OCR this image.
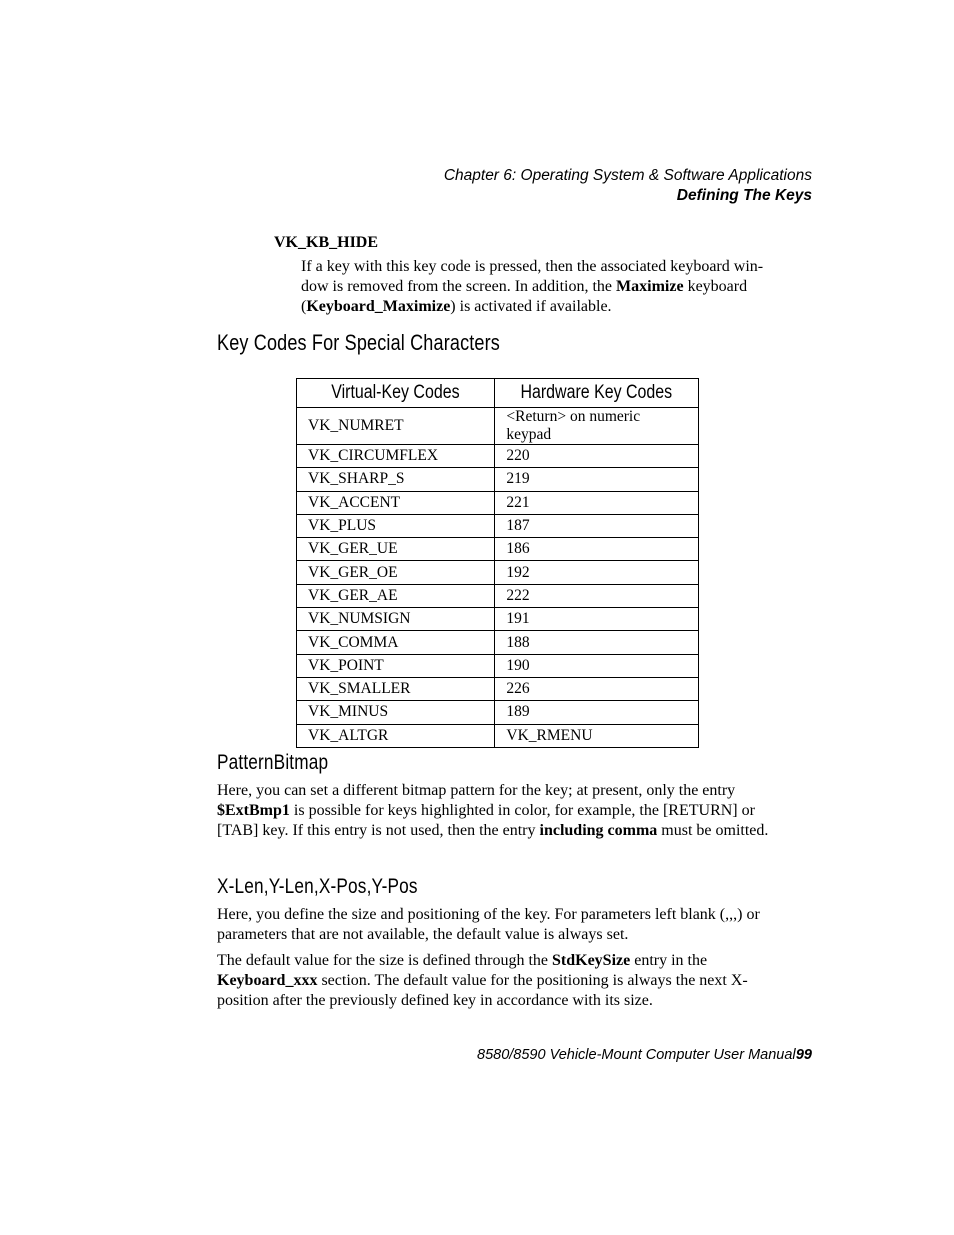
Chapter 6: Operating System & Software Applications
Defining The Keys
VK_KB_HIDE
If a key with this key code is pressed, then the associated keyboard win-dow is removed from the screen. In addition, the Maximize keyboard (Keyboard_Maximize) is activated if available.
Key Codes For Special Characters
Virtual-Key Codes	Hardware Key Codes
VK_NUMRET	<Return> on numeric keypad
VK_CIRCUMFLEX	220
VK_SHARP_S	219
VK_ACCENT	221
VK_PLUS	187
VK_GER_UE	186
VK_GER_OE	192
VK_GER_AE	222
VK_NUMSIGN	191
VK_COMMA	188
VK_POINT	190
VK_SMALLER	226
VK_MINUS	189
VK_ALTGR	VK_RMENU
PatternBitmap

Here, you can set a different bitmap pattern for the key; at present, only the entry $ExtBmp1 is possible for keys highlighted in color, for example, the [RETURN] or [TAB] key. If this entry is not used, then the entry including comma must be omitted.

X-Len,Y-Len,X-Pos,Y-Pos

Here, you define the size and positioning of the key. For parameters left blank (,,,) or parameters that are not available, the default value is always set.

The default value for the size is defined through the StdKeySize entry in the Keyboard_xxx section. The default value for the positioning is always the next X-position after the previously defined key in accordance with its size.

8580/8590 Vehicle-Mount Computer User Manual 99
